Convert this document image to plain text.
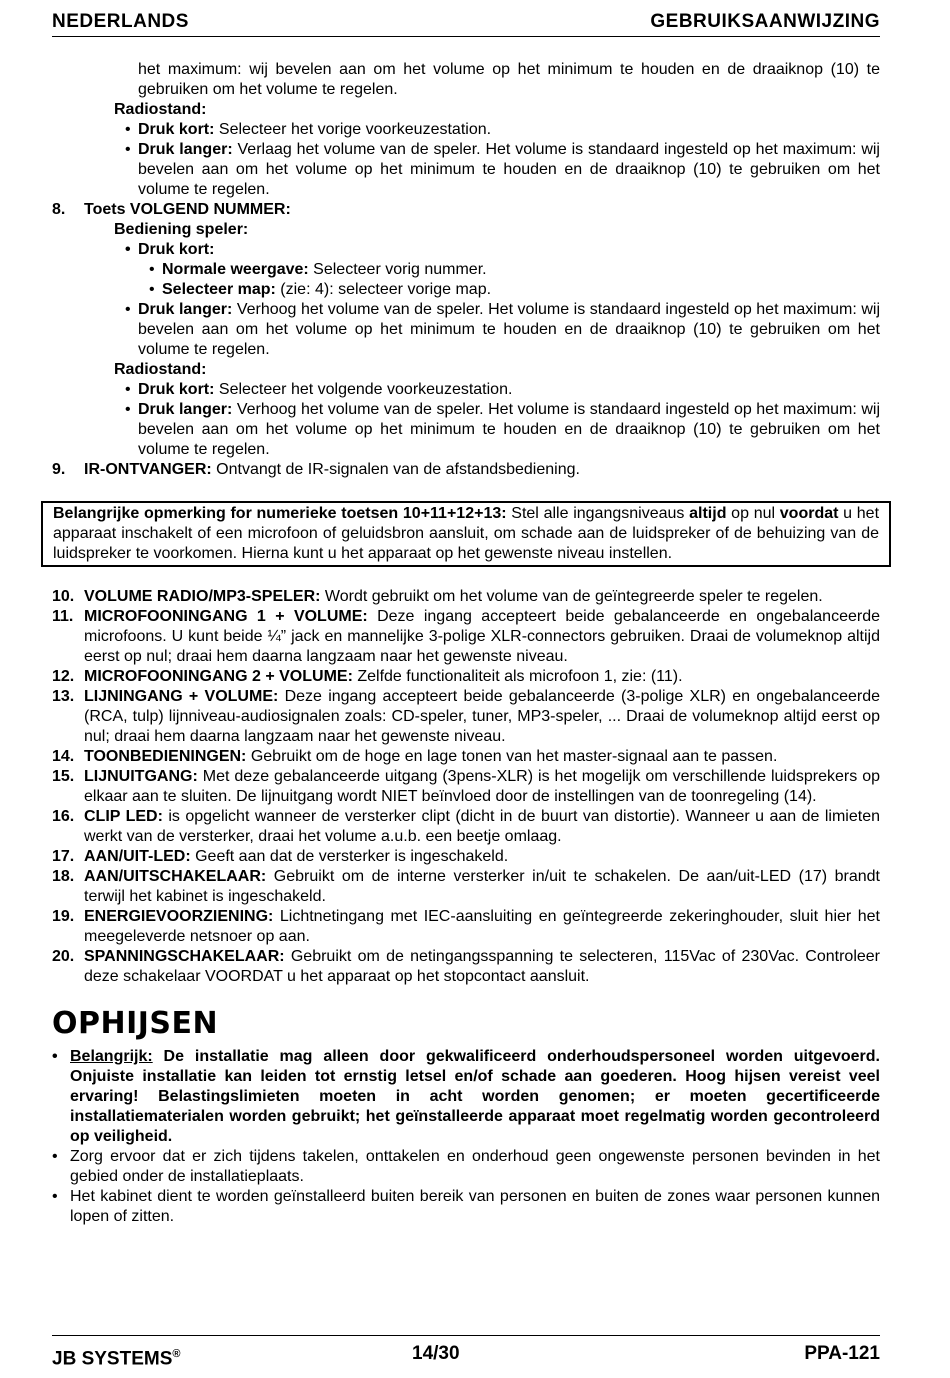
NEDERLANDS	GEBRUIKSAANWIJZING
het maximum: wij bevelen aan om het volume op het minimum te houden en de draaiknop (10) te gebruiken om het volume te regelen.
Radiostand:
• Druk kort: Selecteer het vorige voorkeuzestation.
• Druk langer: Verlaag het volume van de speler. Het volume is standaard ingesteld op het maximum: wij bevelen aan om het volume op het minimum te houden en de draaiknop (10) te gebruiken om het volume te regelen.
8. Toets VOLGEND NUMMER:
Bediening speler:
• Druk kort:
• Normale weergave: Selecteer vorig nummer.
• Selecteer map: (zie: 4): selecteer vorige map.
• Druk langer: Verhoog het volume van de speler. Het volume is standaard ingesteld op het maximum: wij bevelen aan om het volume op het minimum te houden en de draaiknop (10) te gebruiken om het volume te regelen.
Radiostand:
• Druk kort: Selecteer het volgende voorkeuzestation.
• Druk langer: Verhoog het volume van de speler. Het volume is standaard ingesteld op het maximum: wij bevelen aan om het volume op het minimum te houden en de draaiknop (10) te gebruiken om het volume te regelen.
9. IR-ONTVANGER: Ontvangt de IR-signalen van de afstandsbediening.
Belangrijke opmerking for numerieke toetsen 10+11+12+13: Stel alle ingangsniveaus altijd op nul voordat u het apparaat inschakelt of een microfoon of geluidsbron aansluit, om schade aan de luidspreker of de behuizing van de luidspreker te voorkomen. Hierna kunt u het apparaat op het gewenste niveau instellen.
10. VOLUME RADIO/MP3-SPELER: Wordt gebruikt om het volume van de geïntegreerde speler te regelen.
11. MICROFOONINGANG 1 + VOLUME: Deze ingang accepteert beide gebalanceerde en ongebalanceerde microfoons. U kunt beide ¼” jack en mannelijke 3-polige XLR-connectors gebruiken. Draai de volumeknop altijd eerst op nul; draai hem daarna langzaam naar het gewenste niveau.
12. MICROFOONINGANG 2 + VOLUME: Zelfde functionaliteit als microfoon 1, zie: (11).
13. LIJNINGANG + VOLUME: Deze ingang accepteert beide gebalanceerde (3-polige XLR) en ongebalanceerde (RCA, tulp) lijnniveau-audiosignalen zoals: CD-speler, tuner, MP3-speler, ... Draai de volumeknop altijd eerst op nul; draai hem daarna langzaam naar het gewenste niveau.
14. TOONBEDIENINGEN: Gebruikt om de hoge en lage tonen van het master-signaal aan te passen.
15. LIJNUITGANG: Met deze gebalanceerde uitgang (3pens-XLR) is het mogelijk om verschillende luidsprekers op elkaar aan te sluiten. De lijnuitgang wordt NIET beïnvloed door de instellingen van de toonregeling (14).
16. CLIP LED: is opgelicht wanneer de versterker clipt (dicht in de buurt van distortie). Wanneer u aan de limieten werkt van de versterker, draai het volume a.u.b. een beetje omlaag.
17. AAN/UIT-LED: Geeft aan dat de versterker is ingeschakeld.
18. AAN/UITSCHAKELAAR: Gebruikt om de interne versterker in/uit te schakelen. De aan/uit-LED (17) brandt terwijl het kabinet is ingeschakeld.
19. ENERGIEVOORZIENING: Lichtnetingang met IEC-aansluiting en geïntegreerde zekeringhouder, sluit hier het meegeleverde netsnoer op aan.
20. SPANNINGSCHAKELAAR: Gebruikt om de netingangsspanning te selecteren, 115Vac of 230Vac. Controleer deze schakelaar VOORDAT u het apparaat op het stopcontact aansluit.
OPHIJSEN
• Belangrijk: De installatie mag alleen door gekwalificeerd onderhoudspersoneel worden uitgevoerd. Onjuiste installatie kan leiden tot ernstig letsel en/of schade aan goederen. Hoog hijsen vereist veel ervaring! Belastingslimieten moeten in acht worden genomen; er moeten gecertificeerde installatiematerialen worden gebruikt; het geïnstalleerde apparaat moet regelmatig worden gecontroleerd op veiligheid.
• Zorg ervoor dat er zich tijdens takelen, onttakelen en onderhoud geen ongewenste personen bevinden in het gebied onder de installatieplaats.
• Het kabinet dient te worden geïnstalleerd buiten bereik van personen en buiten de zones waar personen kunnen lopen of zitten.
JB SYSTEMS®	14/30	PPA-121
